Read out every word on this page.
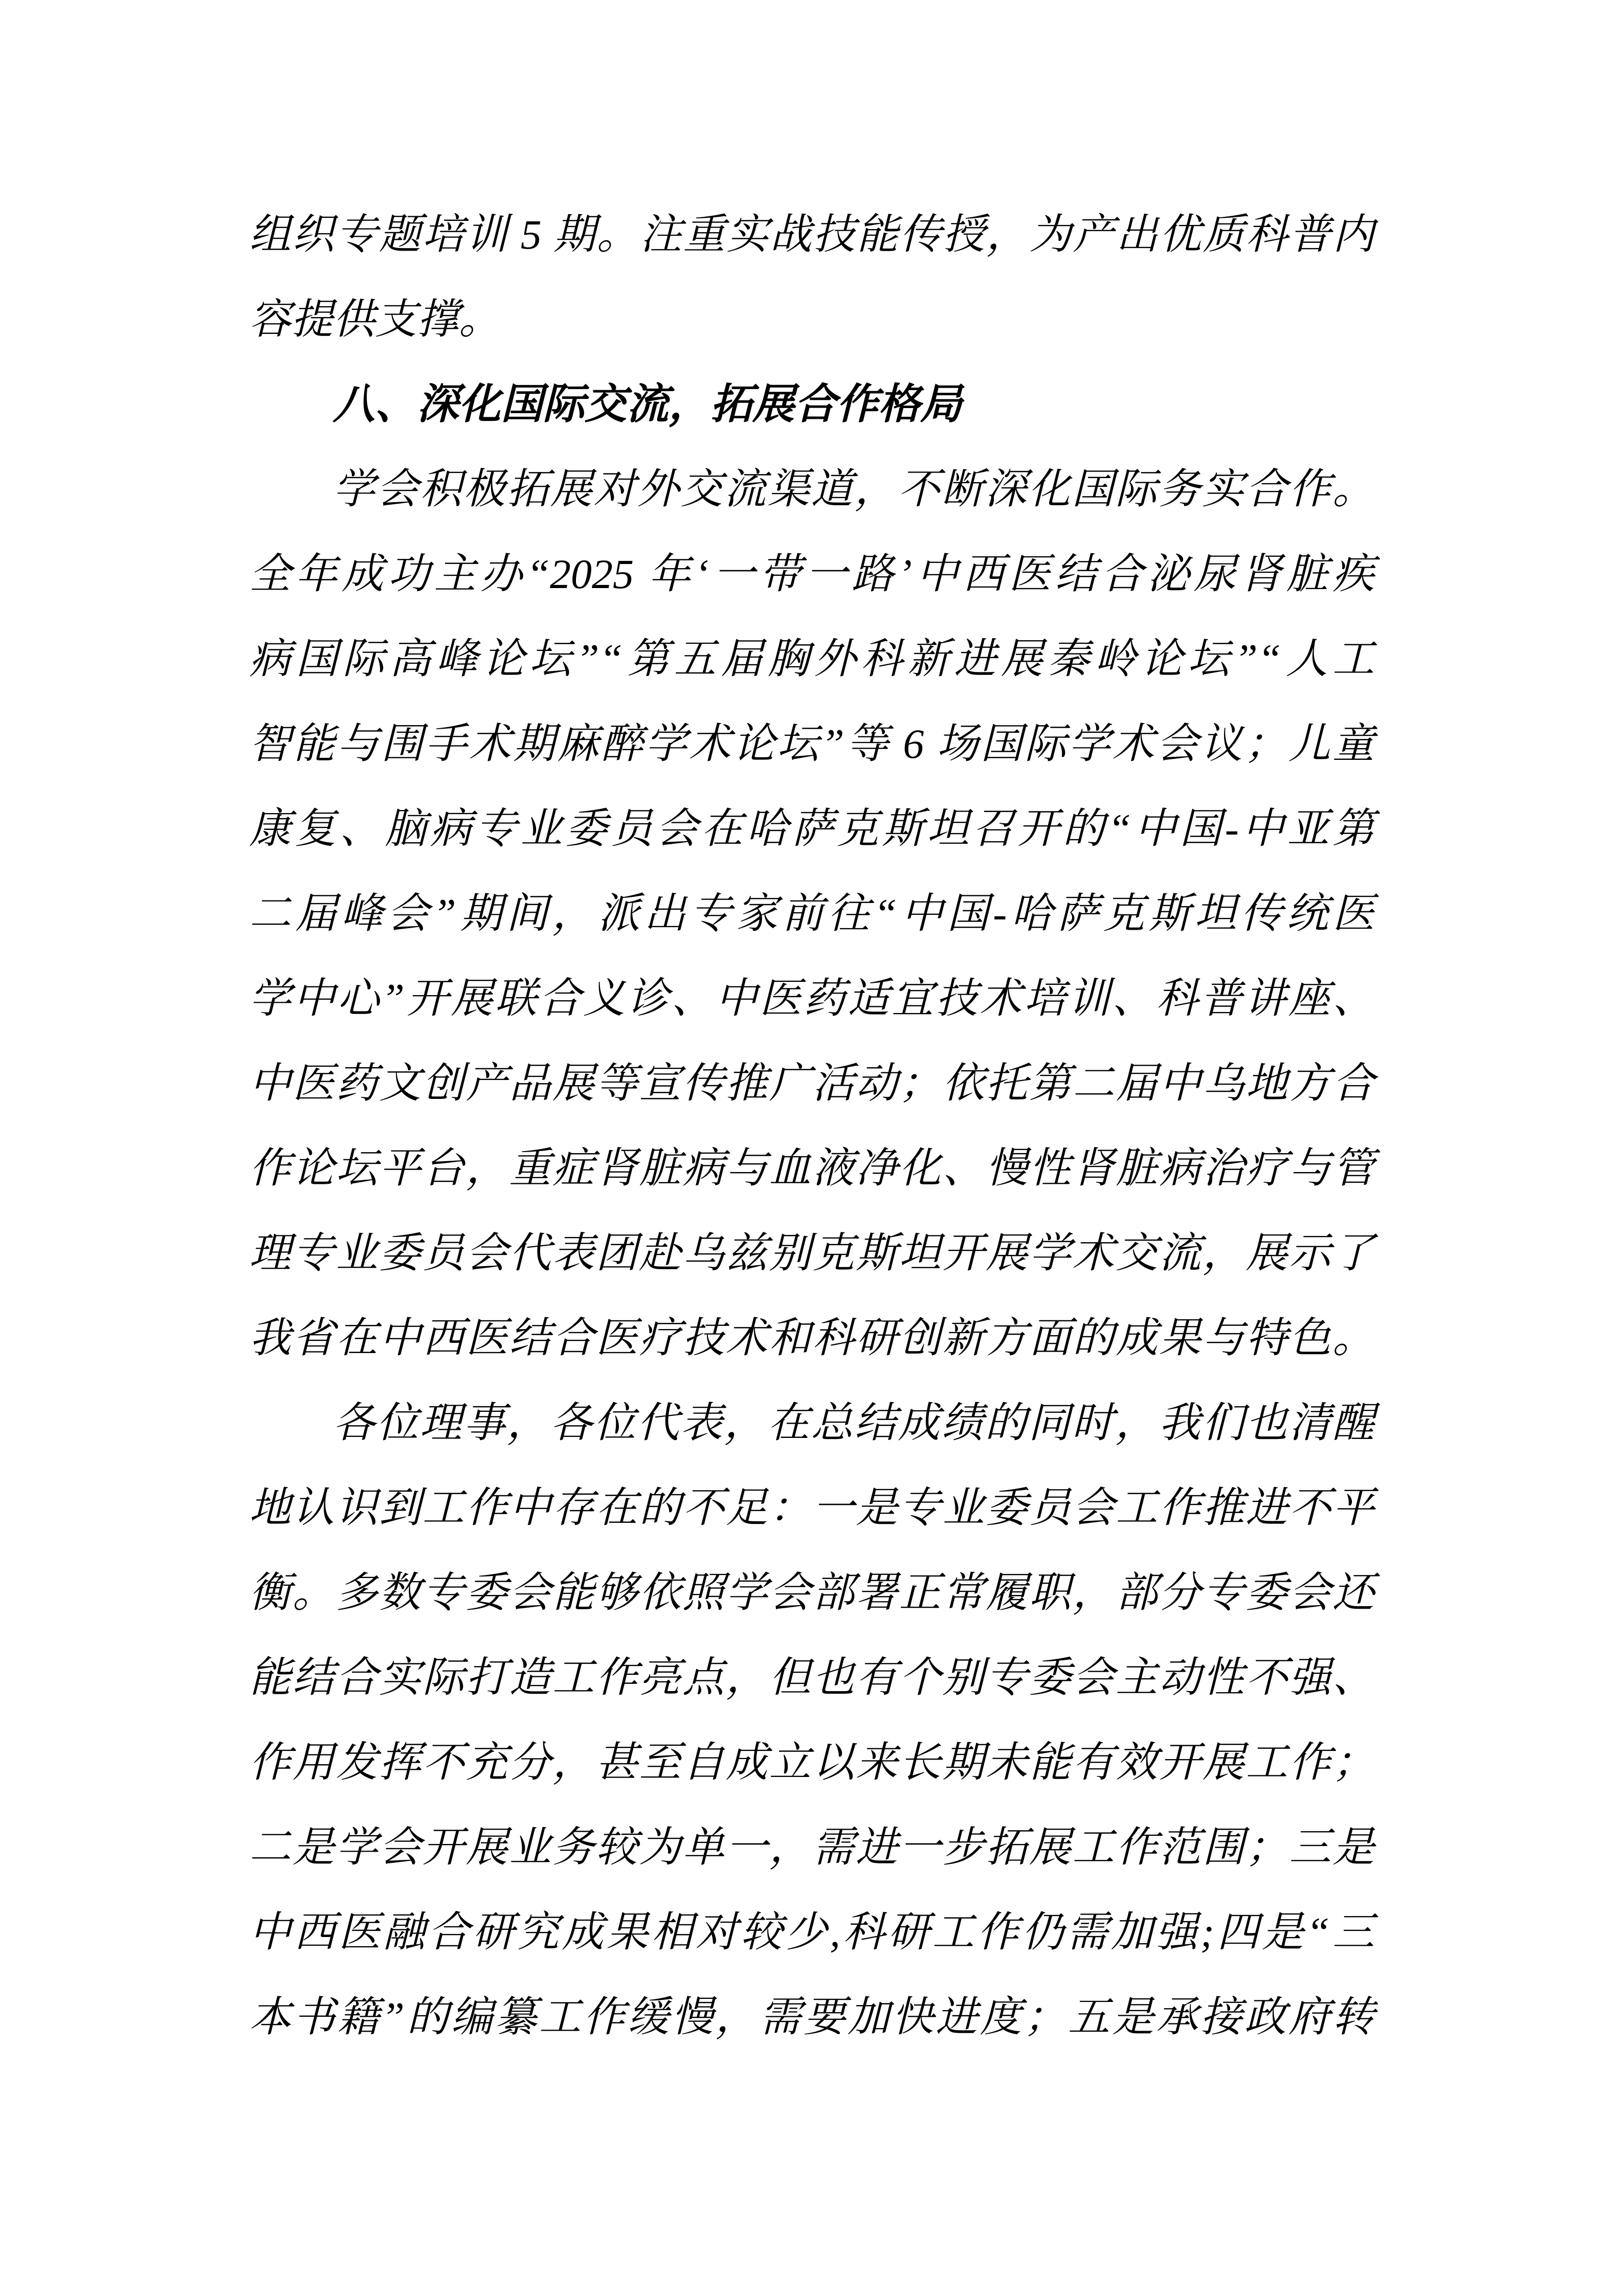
组织专题培训 5 期。注重实战技能传授，为产出优质科普内
容提供支撑。
八、深化国际交流，拓展合作格局
学会积极拓展对外交流渠道，不断深化国际务实合作。
全年成功主办“2025 年‘一带一路’中西医结合泌尿肾脏疾
病国际高峰论坛”“第五届胸外科新进展秦岭论坛”“人工
智能与围手术期麻醉学术论坛”等 6 场国际学术会议；儿童
康复、脑病专业委员会在哈萨克斯坦召开的“中国-中亚第
二届峰会”期间，派出专家前往“中国-哈萨克斯坦传统医
学中心”开展联合义诊、中医药适宜技术培训、科普讲座、
中医药文创产品展等宣传推广活动；依托第二届中乌地方合
作论坛平台，重症肾脏病与血液净化、慢性肾脏病治疗与管
理专业委员会代表团赴乌兹别克斯坦开展学术交流，展示了
我省在中西医结合医疗技术和科研创新方面的成果与特色。
各位理事，各位代表，在总结成绩的同时，我们也清醒
地认识到工作中存在的不足：一是专业委员会工作推进不平
衡。多数专委会能够依照学会部署正常履职，部分专委会还
能结合实际打造工作亮点，但也有个别专委会主动性不强、
作用发挥不充分，甚至自成立以来长期未能有效开展工作；
二是学会开展业务较为单一，需进一步拓展工作范围；三是
中西医融合研究成果相对较少,科研工作仍需加强;四是“三
本书籍”的编纂工作缓慢，需要加快进度；五是承接政府转
